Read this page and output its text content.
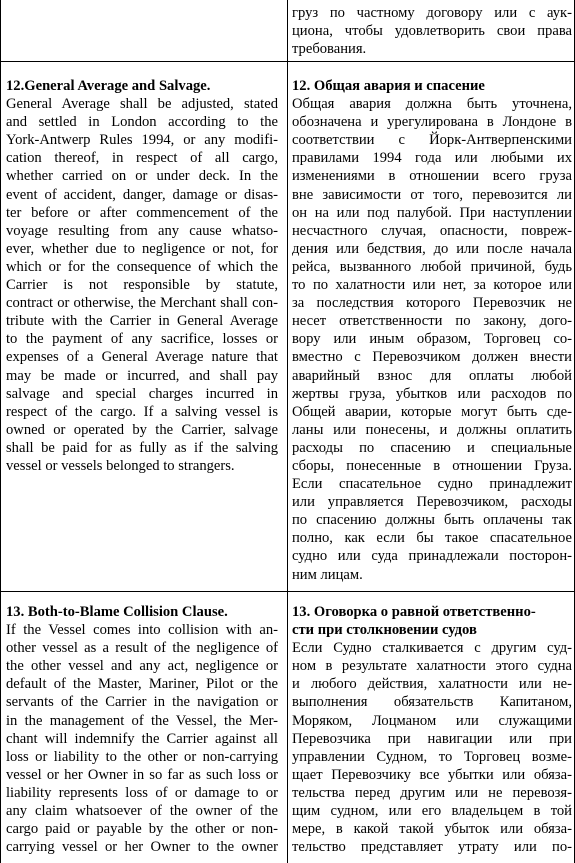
груз по частному договору или с аук-
циона, чтобы удовлетворить свои права
требования.
12.General Average and Salvage.
General Average shall be adjusted, stated
and settled in London according to the
York-Antwerp Rules 1994, or any modifi-
cation thereof, in respect of all cargo,
whether carried on or under deck. In the
event of accident, danger, damage or disas-
ter before or after commencement of the
voyage resulting from any cause whatso-
ever, whether due to negligence or not, for
which or for the consequence of which the
Carrier is not responsible by statute,
contract or otherwise, the Merchant shall con-
tribute with the Carrier in General Average
to the payment of any sacrifice, losses or
expenses of a General Average nature that
may be made or incurred, and shall pay
salvage and special charges incurred in
respect of the cargo. If a salving vessel is
owned or operated by the Carrier, salvage
shall be paid for as fully as if the salving
vessel or vessels belonged to strangers.
12. Общая авария и спасение
Общая авария должна быть уточнена,
обозначена и урегулирована в Лондоне в
соответствии с Йорк-Антверпенскими
правилами 1994 года или любыми их
изменениями в отношении всего груза
вне зависимости от того, перевозится ли
он на или под палубой. При наступлении
несчастного случая, опасности, повреж-
дения или бедствия, до или после начала
рейса, вызванного любой причиной, будь
то по халатности или нет, за которое или
за последствия которого Перевозчик не
несет ответственности по закону, дого-
вору или иным образом, Торговец со-
вместно с Перевозчиком должен внести
аварийный взнос для оплаты любой
жертвы груза, убытков или расходов по
Общей аварии, которые могут быть сде-
ланы или понесены, и должны оплатить
расходы по спасению и специальные
сборы, понесенные в отношении Груза.
Если спасательное судно принадлежит
или управляется Перевозчиком, расходы
по спасению должны быть оплачены так
полно, как если бы такое спасательное
судно или суда принадлежали посторон-
ним лицам.
13. Both-to-Blame Collision Clause.
If the Vessel comes into collision with an-
other vessel as a result of the negligence of
the other vessel and any act, negligence or
default of the Master, Mariner, Pilot or the
servants of the Carrier in the navigation or
in the management of the Vessel, the Mer-
chant will indemnify the Carrier against all
loss or liability to the other or non-carrying
vessel or her Owner in so far as such loss or
liability represents loss of or damage to or
any claim whatsoever of the owner of the
cargo paid or payable by the other or non-
carrying vessel or her Owner to the owner
13. Оговорка о равной ответственно-
сти при столкновении судов
Если Судно сталкивается с другим суд-
ном в результате халатности этого судна
и любого действия, халатности или не-
выполнения обязательств Капитаном,
Моряком, Лоцманом или служащими
Перевозчика при навигации или при
управлении Судном, то Торговец возме-
щает Перевозчику все убытки или обяза-
тельства перед другим или не перевозя-
щим судном, или его владельцем в той
мере, в какой такой убыток или обяза-
тельство представляет утрату или по-
